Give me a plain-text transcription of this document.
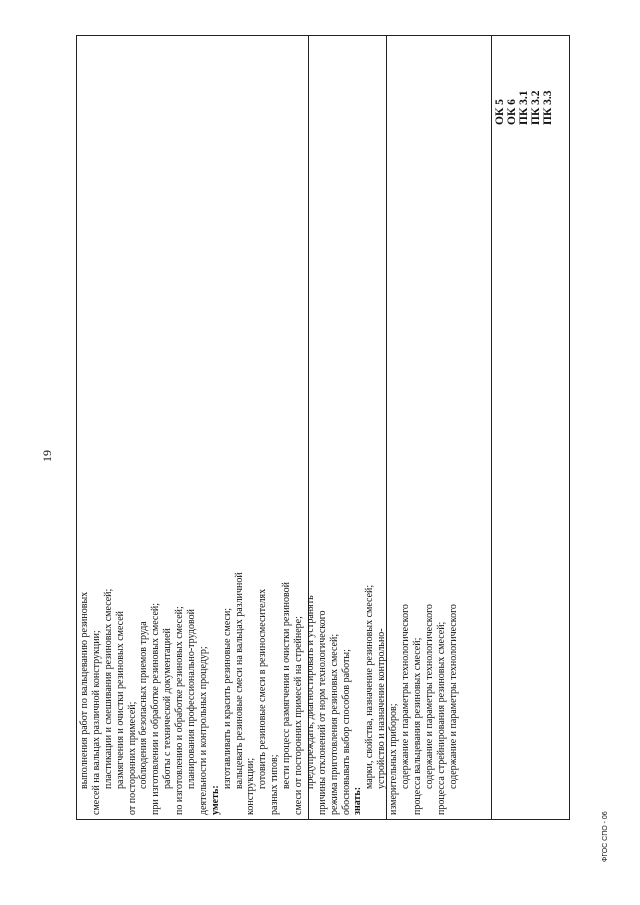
19
выполнения работ по вальцеванию резиновых смесей на вальцах различной конструкции; пластикации и смешивания резиновых смесей; размягчения и очистки резиновых смесей от посторонних примесей; соблюдения безопасных приемов труда при изготовлении и обработке резиновых смесей; работы с технической документацией по изготовлению и обработке резиновых смесей; планирования профессионально-трудовой деятельности и контрольных процедур; уметь:
изготавливать и красить резиновые смеси; вальцевать резиновые смеси на вальцах различной конструкции; готовить резиновые смеси в резиносмесителях разных типов; вести процесс размягчения и очистки резиновой смеси от посторонних примесей на стрейнере; предупреждать, диагностировать и устранять причины отклонений от норм технологического режима приготовления резиновых смесей; обосновывать выбор способов работы; знать:
марки, свойства, назначение резиновых смесей; устройство и назначение контрольно- измерительных приборов; содержание и параметры технологического процесса вальцевания резиновых смесей; содержание и параметры технологического процесса стрейнирования резиновых смесей; содержание и параметры технологического
ОК 5 ОК 6 ПК 3.1 ПК 3.2 ПК 3.3
ФГОС СПО - 06
